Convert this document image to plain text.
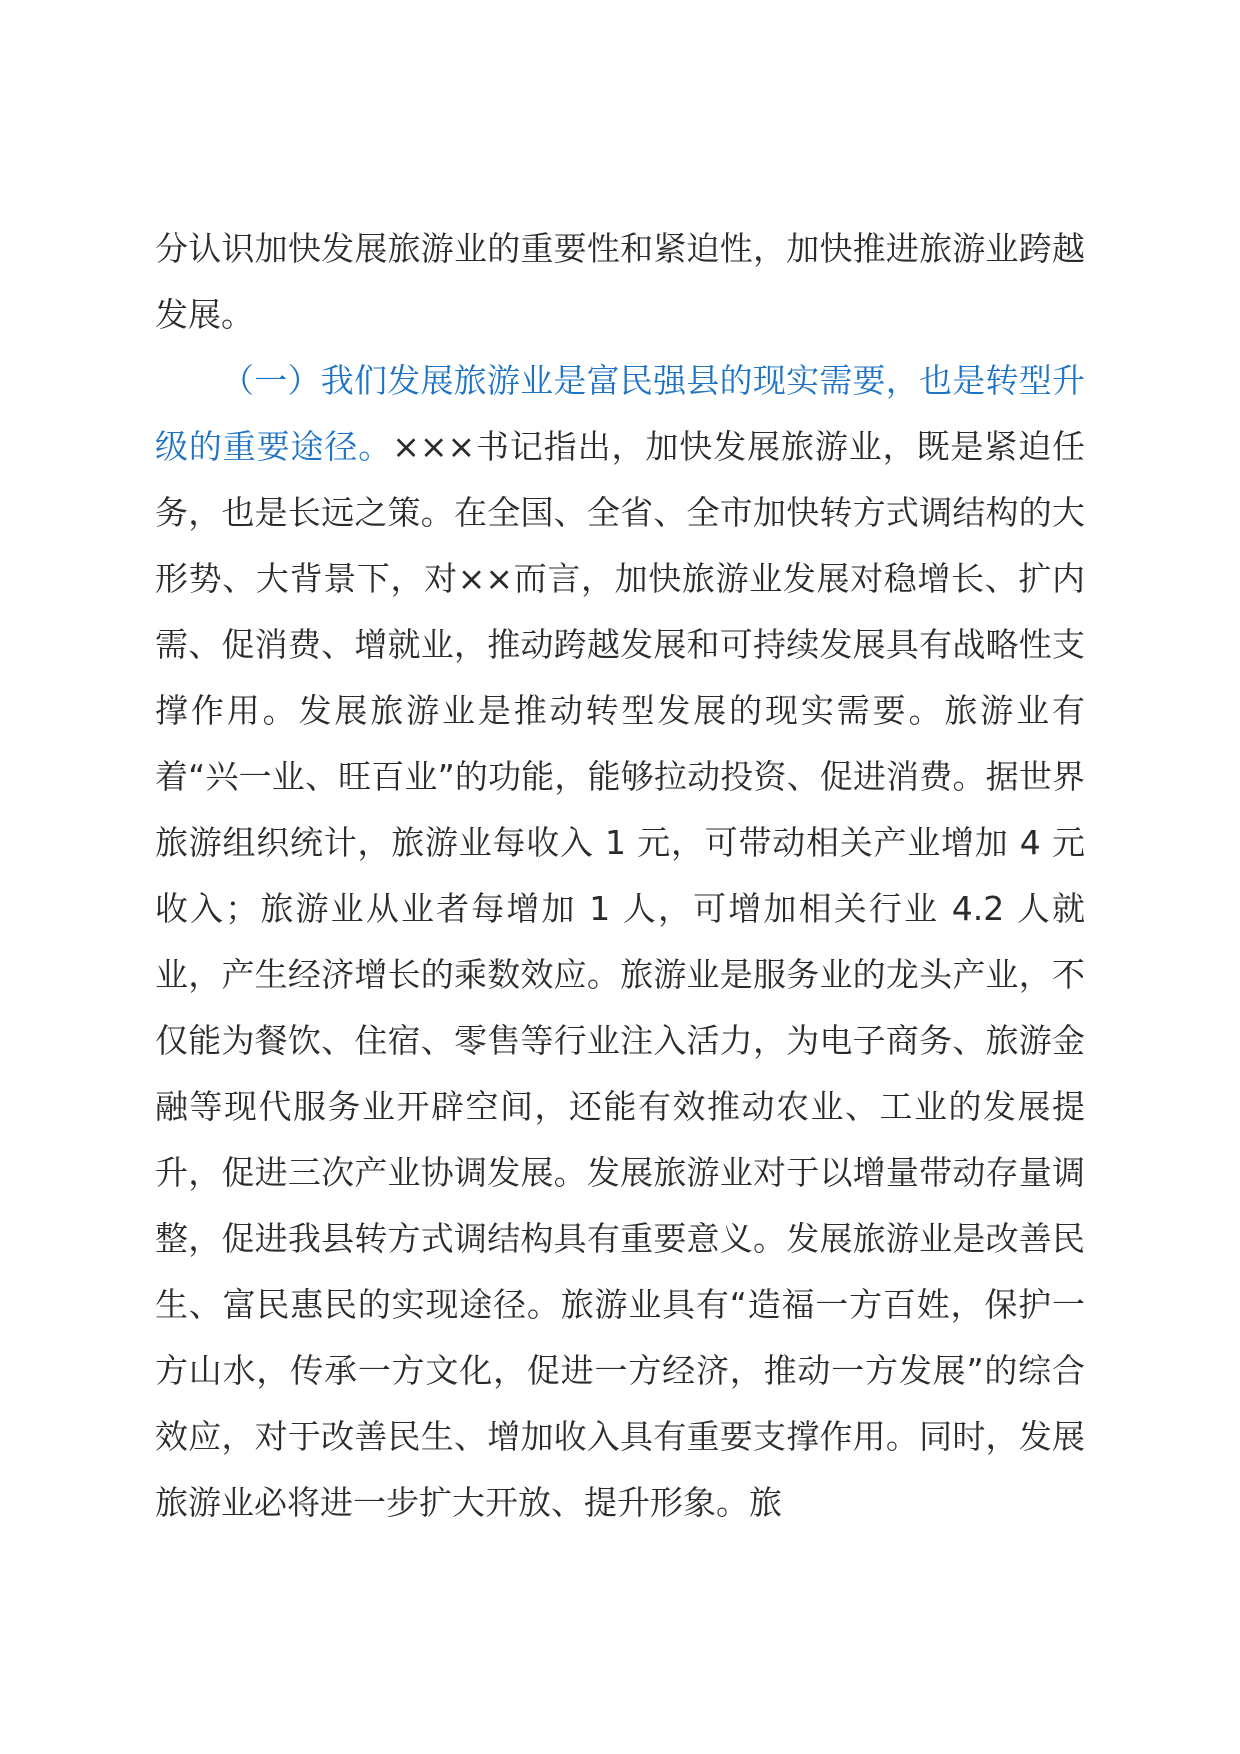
分认识加快发展旅游业的重要性和紧迫性，加快推进旅游业跨越发展。

（一）我们发展旅游业是富民强县的现实需要，也是转型升级的重要途径。×××书记指出，加快发展旅游业，既是紧迫任务，也是长远之策。在全国、全省、全市加快转方式调结构的大形势、大背景下，对××而言，加快旅游业发展对稳增长、扩内需、促消费、增就业，推动跨越发展和可持续发展具有战略性支撑作用。发展旅游业是推动转型发展的现实需要。旅游业有着“兴一业、旺百业”的功能，能够拉动投资、促进消费。据世界旅游组织统计，旅游业每收入 1 元，可带动相关产业增加 4 元收入；旅游业从业者每增加 1 人，可增加相关行业 4.2 人就业，产生经济增长的乘数效应。旅游业是服务业的龙头产业，不仅能为餐饮、住宿、零售等行业注入活力，为电子商务、旅游金融等现代服务业开辟空间，还能有效推动农业、工业的发展提升，促进三次产业协调发展。发展旅游业对于以增量带动存量调整，促进我县转方式调结构具有重要意义。发展旅游业是改善民生、富民惠民的实现途径。旅游业具有“造福一方百姓，保护一方山水，传承一方文化，促进一方经济，推动一方发展”的综合效应，对于改善民生、增加收入具有重要支撑作用。同时，发展旅游业必将进一步扩大开放、提升形象。旅
